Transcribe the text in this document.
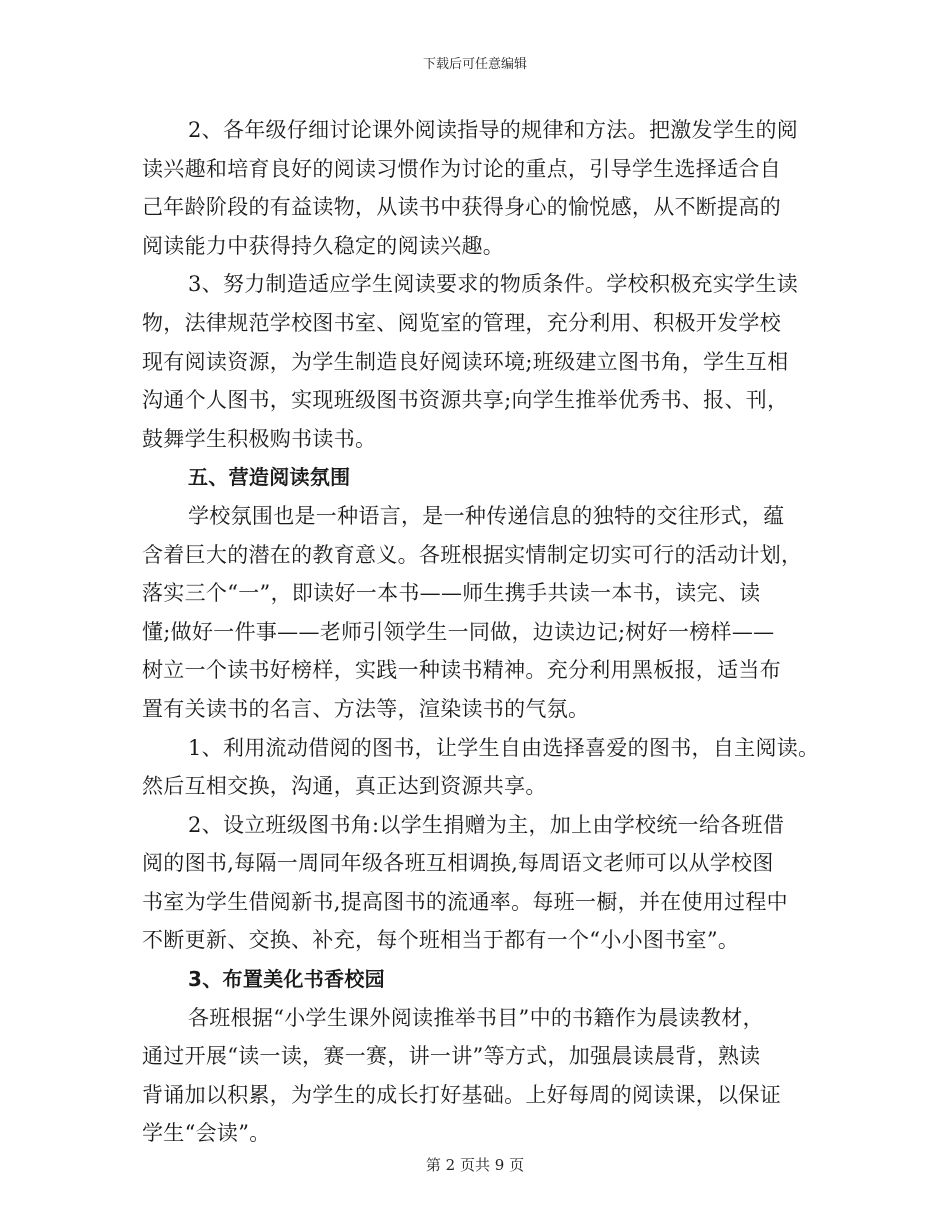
下载后可任意编辑
2、各年级仔细讨论课外阅读指导的规律和方法。把激发学生的阅
读兴趣和培育良好的阅读习惯作为讨论的重点，引导学生选择适合自
己年龄阶段的有益读物，从读书中获得身心的愉悦感，从不断提高的
阅读能力中获得持久稳定的阅读兴趣。
3、努力制造适应学生阅读要求的物质条件。学校积极充实学生读
物，法律规范学校图书室、阅览室的管理，充分利用、积极开发学校
现有阅读资源，为学生制造良好阅读环境;班级建立图书角，学生互相
沟通个人图书，实现班级图书资源共享;向学生推举优秀书、报、刊，
鼓舞学生积极购书读书。
五、营造阅读氛围
学校氛围也是一种语言，是一种传递信息的独特的交往形式，蕴
含着巨大的潜在的教育意义。各班根据实情制定切实可行的活动计划，
落实三个“一”，即读好一本书——师生携手共读一本书，读完、读
懂;做好一件事——老师引领学生一同做，边读边记;树好一榜样——
树立一个读书好榜样，实践一种读书精神。充分利用黑板报，适当布
置有关读书的名言、方法等，渲染读书的气氛。
1、利用流动借阅的图书，让学生自由选择喜爱的图书，自主阅读。
然后互相交换，沟通，真正达到资源共享。
2、设立班级图书角:以学生捐赠为主，加上由学校统一给各班借
阅的图书,每隔一周同年级各班互相调换,每周语文老师可以从学校图
书室为学生借阅新书,提高图书的流通率。每班一橱，并在使用过程中
不断更新、交换、补充，每个班相当于都有一个“小小图书室”。
3、布置美化书香校园
各班根据“小学生课外阅读推举书目”中的书籍作为晨读教材，
通过开展“读一读，赛一赛，讲一讲”等方式，加强晨读晨背，熟读
背诵加以积累，为学生的成长打好基础。上好每周的阅读课，以保证
学生“会读”。
第 2 页共 9 页
